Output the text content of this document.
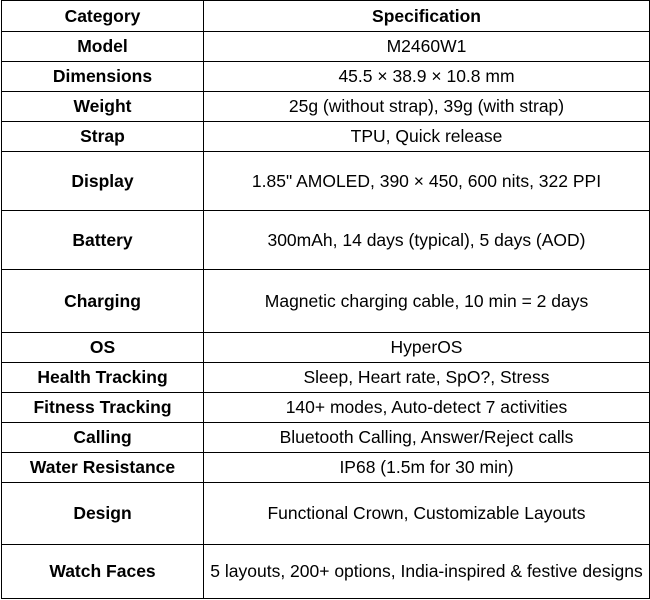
Category	Specification
Model	M2460W1
Dimensions	45.5 × 38.9 × 10.8 mm
Weight	25g (without strap), 39g (with strap)
Strap	TPU, Quick release
Display	1.85" AMOLED, 390 × 450, 600 nits, 322 PPI
Battery	300mAh, 14 days (typical), 5 days (AOD)
Charging	Magnetic charging cable, 10 min = 2 days
OS	HyperOS
Health Tracking	Sleep, Heart rate, SpO?, Stress
Fitness Tracking	140+ modes, Auto-detect 7 activities
Calling	Bluetooth Calling, Answer/Reject calls
Water Resistance	IP68 (1.5m for 30 min)
Design	Functional Crown, Customizable Layouts
Watch Faces	5 layouts, 200+ options, India-inspired & festive designs
